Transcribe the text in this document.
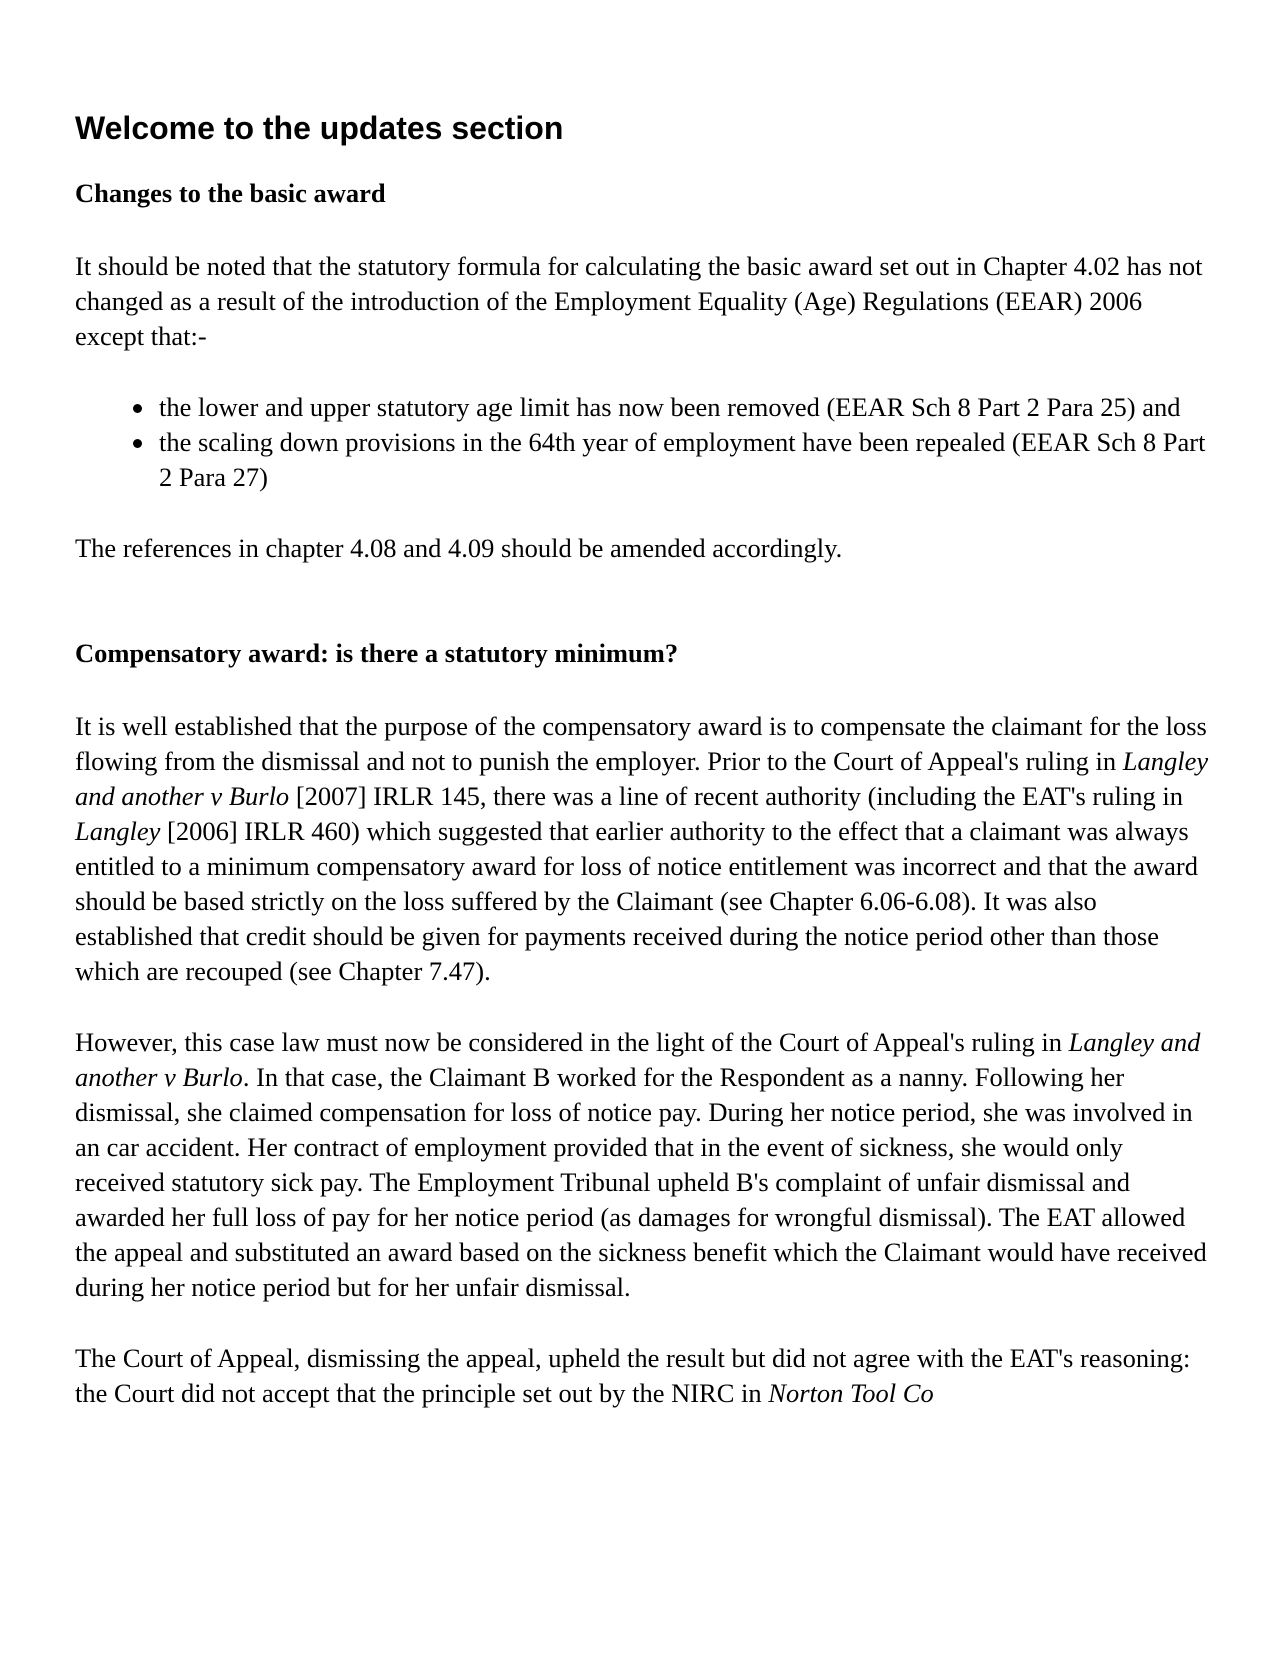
Welcome to the updates section
Changes to the basic award

It should be noted that the statutory formula for calculating the basic award set out in Chapter 4.02 has not changed as a result of the introduction of the Employment Equality (Age) Regulations (EEAR) 2006 except that:-

the lower and upper statutory age limit has now been removed (EEAR Sch 8 Part 2 Para 25) and
the scaling down provisions in the 64th year of employment have been repealed (EEAR Sch 8 Part 2 Para 27)

The references in chapter 4.08 and 4.09 should be amended accordingly.

Compensatory award: is there a statutory minimum?

It is well established that the purpose of the compensatory award is to compensate the claimant for the loss flowing from the dismissal and not to punish the employer. Prior to the Court of Appeal's ruling in Langley and another v Burlo [2007] IRLR 145, there was a line of recent authority (including the EAT's ruling in Langley [2006] IRLR 460) which suggested that earlier authority to the effect that a claimant was always entitled to a minimum compensatory award for loss of notice entitlement was incorrect and that the award should be based strictly on the loss suffered by the Claimant (see Chapter 6.06-6.08). It was also established that credit should be given for payments received during the notice period other than those which are recouped (see Chapter 7.47).

However, this case law must now be considered in the light of the Court of Appeal's ruling in Langley and another v Burlo. In that case, the Claimant B worked for the Respondent as a nanny. Following her dismissal, she claimed compensation for loss of notice pay. During her notice period, she was involved in an car accident. Her contract of employment provided that in the event of sickness, she would only received statutory sick pay. The Employment Tribunal upheld B's complaint of unfair dismissal and awarded her full loss of pay for her notice period (as damages for wrongful dismissal). The EAT allowed the appeal and substituted an award based on the sickness benefit which the Claimant would have received during her notice period but for her unfair dismissal.

The Court of Appeal, dismissing the appeal, upheld the result but did not agree with the EAT's reasoning: the Court did not accept that the principle set out by the NIRC in Norton Tool Co
